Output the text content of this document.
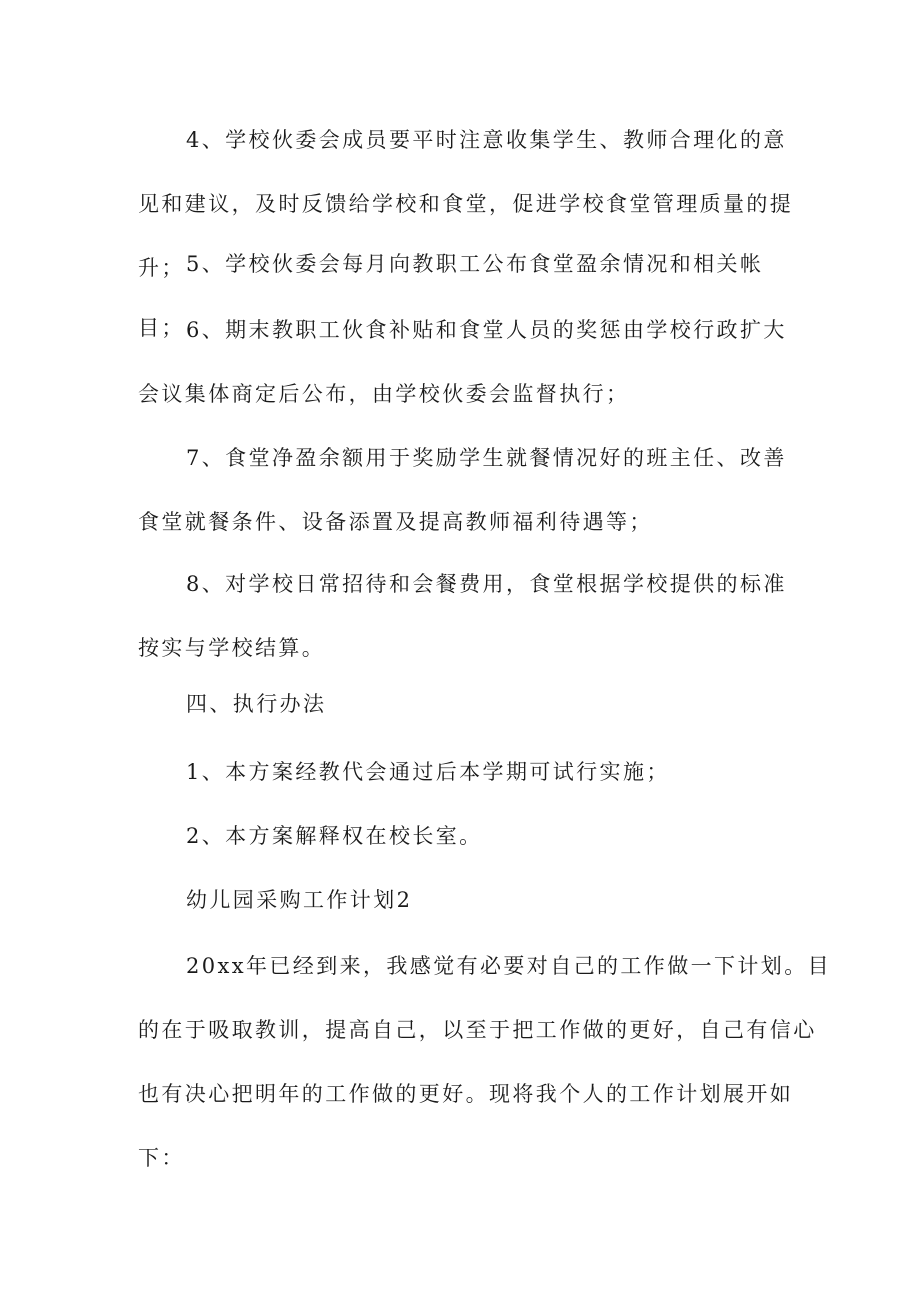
4、学校伙委会成员要平时注意收集学生、教师合理化的意见和建议，及时反馈给学校和食堂，促进学校食堂管理质量的提升； 5、学校伙委会每月向教职工公布食堂盈余情况和相关帐目； 6、期末教职工伙食补贴和食堂人员的奖惩由学校行政扩大会议集体商定后公布，由学校伙委会监督执行；

7、食堂净盈余额用于奖励学生就餐情况好的班主任、改善食堂就餐条件、设备添置及提高教师福利待遇等；

8、对学校日常招待和会餐费用，食堂根据学校提供的标准按实与学校结算。

四、执行办法

1、本方案经教代会通过后本学期可试行实施；

2、本方案解释权在校长室。

幼儿园采购工作计划2

20xx年已经到来，我感觉有必要对自己的工作做一下计划。目的在于吸取教训，提高自己，以至于把工作做的更好，自己有信心也有决心把明年的工作做的更好。现将我个人的工作计划展开如下：
